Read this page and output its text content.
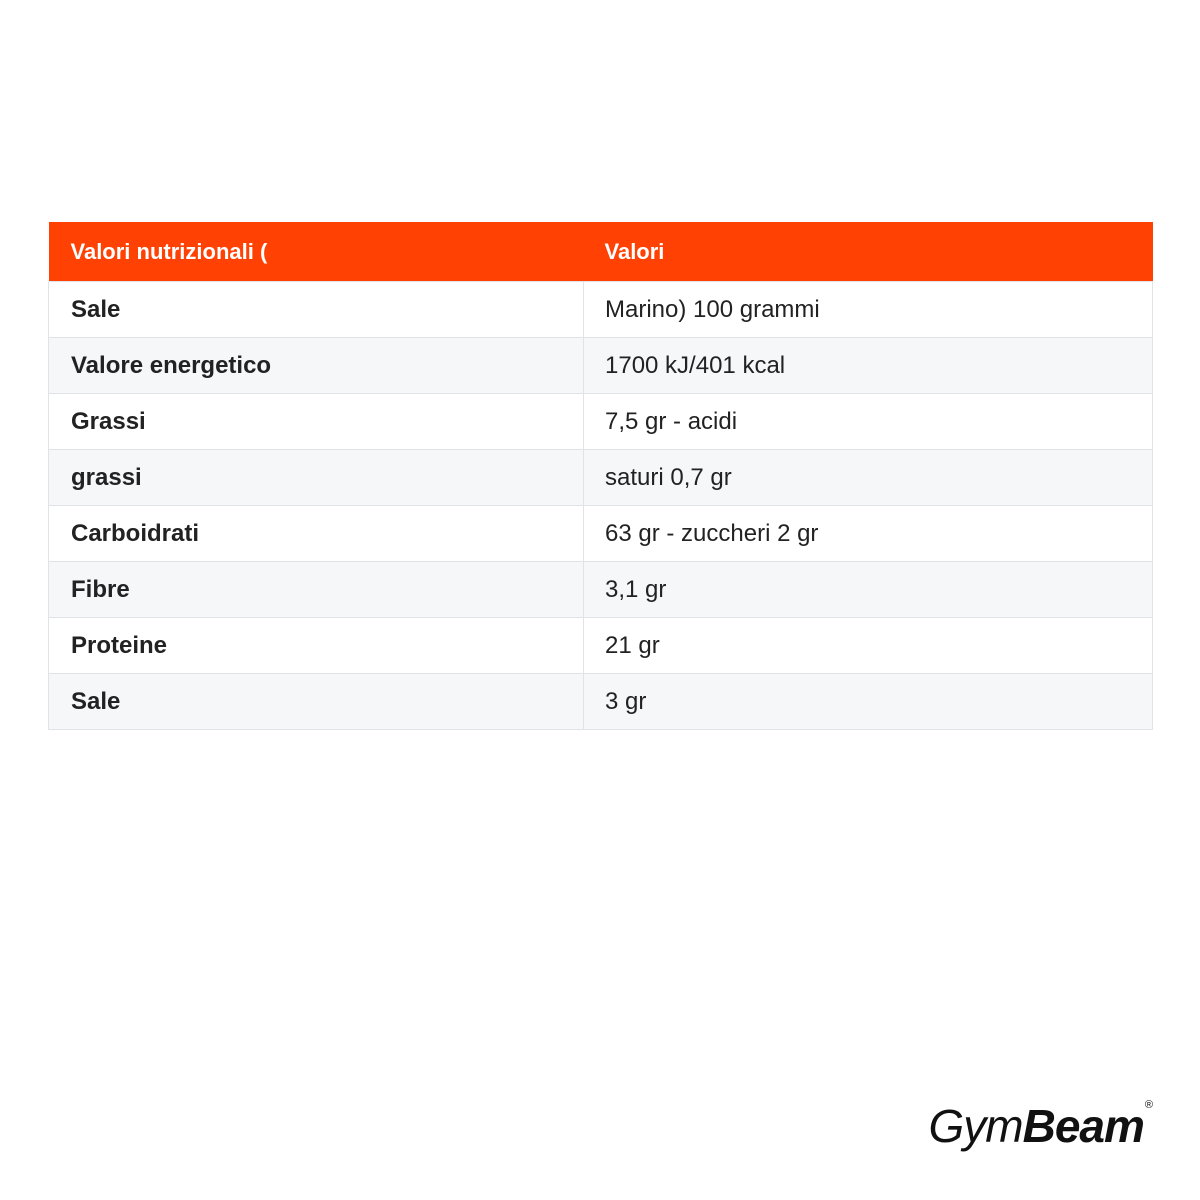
Valori nutrizionali (	Valori
Sale	Marino) 100 grammi
Valore energetico	1700 kJ/401 kcal
Grassi	7,5 gr - acidi
grassi	saturi 0,7 gr
Carboidrati	63 gr - zuccheri 2 gr
Fibre	3,1 gr
Proteine	21 gr
Sale	3 gr
Gym Beam ®
